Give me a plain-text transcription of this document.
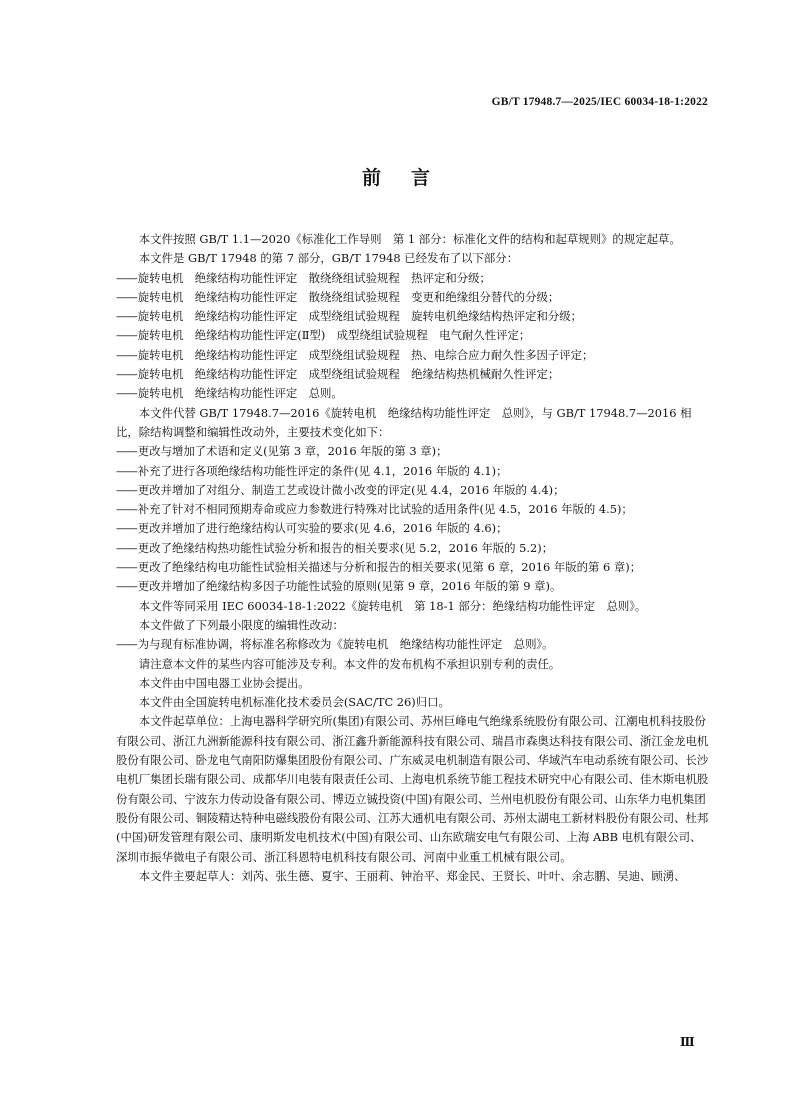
GB/T 17948.7—2025/IEC 60034-18-1:2022
前言

本文件按照 GB/T 1.1—2020《标准化工作导则　第 1 部分：标准化文件的结构和起草规则》的规定起草。

本文件是 GB/T 17948 的第 7 部分，GB/T 17948 已经发布了以下部分：

—— 旋转电机　绝缘结构功能性评定　散绕绕组试验规程　热评定和分级；

—— 旋转电机　绝缘结构功能性评定　散绕绕组试验规程　变更和绝缘组分替代的分级；

—— 旋转电机　绝缘结构功能性评定　成型绕组试验规程　旋转电机绝缘结构热评定和分级；

—— 旋转电机　绝缘结构功能性评定(Ⅱ型)　成型绕组试验规程　电气耐久性评定；

—— 旋转电机　绝缘结构功能性评定　成型绕组试验规程　热、电综合应力耐久性多因子评定；

—— 旋转电机　绝缘结构功能性评定　成型绕组试验规程　绝缘结构热机械耐久性评定；

—— 旋转电机　绝缘结构功能性评定　总则。

本文件代替 GB/T 17948.7—2016《旋转电机　绝缘结构功能性评定　总则》，与 GB/T 17948.7—2016 相比，除结构调整和编辑性改动外，主要技术变化如下：

—— 更改与增加了术语和定义(见第 3 章，2016 年版的第 3 章)；

—— 补充了进行各项绝缘结构功能性评定的条件(见 4.1，2016 年版的 4.1)；

—— 更改并增加了对组分、制造工艺或设计微小改变的评定(见 4.4，2016 年版的 4.4)；

—— 补充了针对不相同预期寿命或应力参数进行特殊对比试验的适用条件(见 4.5，2016 年版的 4.5)；

—— 更改并增加了进行绝缘结构认可实验的要求(见 4.6，2016 年版的 4.6)；

—— 更改了绝缘结构热功能性试验分析和报告的相关要求(见 5.2，2016 年版的 5.2)；

—— 更改了绝缘结构电功能性试验相关描述与分析和报告的相关要求(见第 6 章，2016 年版的第 6 章)；

—— 更改并增加了绝缘结构多因子功能性试验的原则(见第 9 章，2016 年版的第 9 章)。

本文件等同采用 IEC 60034-18-1:2022《旋转电机　第 18-1 部分：绝缘结构功能性评定　总则》。

本文件做了下列最小限度的编辑性改动：

—— 为与现有标准协调，将标准名称修改为《旋转电机　绝缘结构功能性评定　总则》。

请注意本文件的某些内容可能涉及专利。本文件的发布机构不承担识别专利的责任。

本文件由中国电器工业协会提出。

本文件由全国旋转电机标准化技术委员会(SAC/TC 26)归口。

本文件起草单位：上海电器科学研究所(集团)有限公司、苏州巨峰电气绝缘系统股份有限公司、江潮电机科技股份有限公司、浙江九洲新能源科技有限公司、浙江鑫升新能源科技有限公司、瑞昌市森奥达科技有限公司、浙江金龙电机股份有限公司、卧龙电气南阳防爆集团股份有限公司、广东威灵电机制造有限公司、华域汽车电动系统有限公司、长沙电机厂集团长瑞有限公司、成都华川电装有限责任公司、上海电机系统节能工程技术研究中心有限公司、佳木斯电机股份有限公司、宁波东力传动设备有限公司、博迈立铖投资(中国)有限公司、兰州电机股份有限公司、山东华力电机集团股份有限公司、铜陵精达特种电磁线股份有限公司、江苏大通机电有限公司、苏州太湖电工新材料股份有限公司、杜邦(中国)研发管理有限公司、康明斯发电机技术(中国)有限公司、山东欧瑞安电气有限公司、上海 ABB 电机有限公司、深圳市振华微电子有限公司、浙江科恩特电机科技有限公司、河南中业重工机械有限公司。

本文件主要起草人：刘芮、张生德、夏宇、王丽莉、钟治平、郑金民、王贤长、叶叶、余志鹏、吴迪、顾湧、

Ⅲ
